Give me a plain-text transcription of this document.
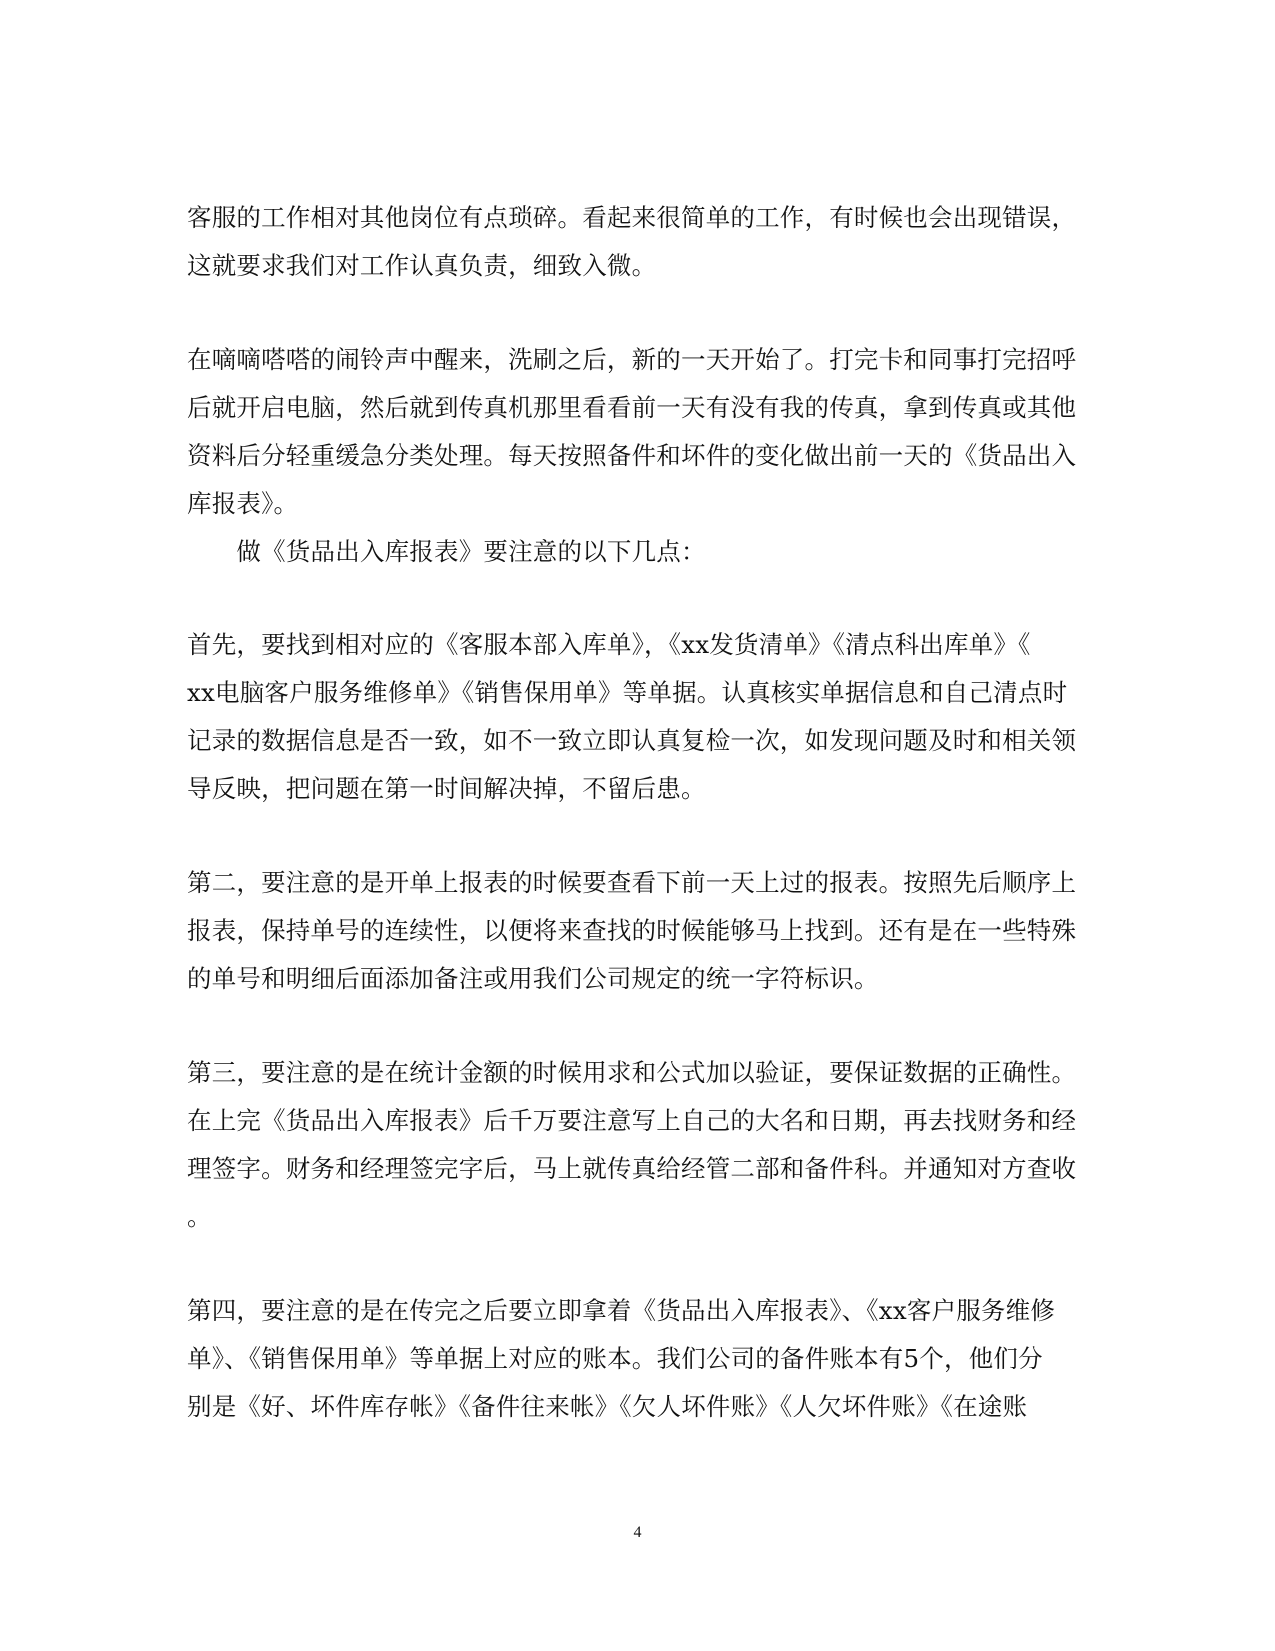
客服的工作相对其他岗位有点琐碎。看起来很简单的工作，有时候也会出现错误，
这就要求我们对工作认真负责，细致入微。
在嘀嘀嗒嗒的闹铃声中醒来，洗刷之后，新的一天开始了。打完卡和同事打完招呼
后就开启电脑，然后就到传真机那里看看前一天有没有我的传真，拿到传真或其他
资料后分轻重缓急分类处理。每天按照备件和坏件的变化做出前一天的《货品出入
库报表》。
　　做《货品出入库报表》要注意的以下几点：
首先，要找到相对应的《客服本部入库单》，《xx发货清单》《清点科出库单》《
xx电脑客户服务维修单》《销售保用单》等单据。认真核实单据信息和自己清点时
记录的数据信息是否一致，如不一致立即认真复检一次，如发现问题及时和相关领
导反映，把问题在第一时间解决掉，不留后患。
第二，要注意的是开单上报表的时候要查看下前一天上过的报表。按照先后顺序上
报表，保持单号的连续性，以便将来查找的时候能够马上找到。还有是在一些特殊
的单号和明细后面添加备注或用我们公司规定的统一字符标识。
第三，要注意的是在统计金额的时候用求和公式加以验证，要保证数据的正确性。
在上完《货品出入库报表》后千万要注意写上自己的大名和日期，再去找财务和经
理签字。财务和经理签完字后，马上就传真给经管二部和备件科。并通知对方查收
。
第四，要注意的是在传完之后要立即拿着《货品出入库报表》、《xx客户服务维修
单》、《销售保用单》等单据上对应的账本。我们公司的备件账本有5个，他们分
别是《好、坏件库存帐》《备件往来帐》《欠人坏件账》《人欠坏件账》《在途账
4
